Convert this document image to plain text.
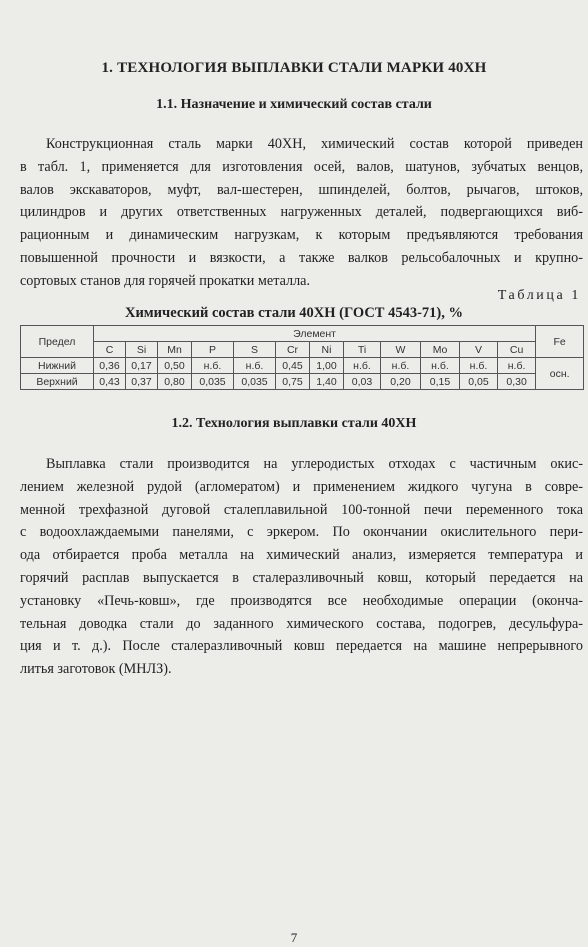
1. ТЕХНОЛОГИЯ ВЫПЛАВКИ СТАЛИ МАРКИ 40ХН
1.1. Назначение и химический состав стали
Конструкционная сталь марки 40ХН, химический состав которой приведен
в табл. 1, применяется для изготовления осей, валов, шатунов, зубчатых венцов,
валов экскаваторов, муфт, вал-шестерен, шпинделей, болтов, рычагов, штоков,
цилиндров и других ответственных нагруженных деталей, подвергающихся виб-
рационным и динамическим нагрузкам, к которым предъявляются требования
повышенной прочности и вязкости, а также валков рельсобалочных и крупно-
сортовых станов для горячей прокатки металла.
Таблица 1
Химический состав стали 40ХН (ГОСТ 4543-71), %
Предел	Элемент												Fe
	C	Si	Mn	P	S	Cr	Ni	Ti	W	Mo	V	Cu	
Нижний	0,36	0,17	0,50	н.б.	н.б.	0,45	1,00	н.б.	н.б.	н.б.	н.б.	н.б.	осн.
Верхний	0,43	0,37	0,80	0,035	0,035	0,75	1,40	0,03	0,20	0,15	0,05	0,30	
1.2. Технология выплавки стали 40ХН
Выплавка стали производится на углеродистых отходах с частичным окис-
лением железной рудой (агломератом) и применением жидкого чугуна в совре-
менной трехфазной дуговой сталеплавильной 100-тонной печи переменного тока
с водоохлаждаемыми панелями, с эркером. По окончании окислительного пери-
ода отбирается проба металла на химический анализ, измеряется температура и
горячий расплав выпускается в сталеразливочный ковш, который передается на
установку «Печь-ковш», где производятся все необходимые операции (оконча-
тельная доводка стали до заданного химического состава, подогрев, десульфура-
ция и т. д.). После сталеразливочный ковш передается на машине непрерывного
литья заготовок (МНЛЗ).
7
